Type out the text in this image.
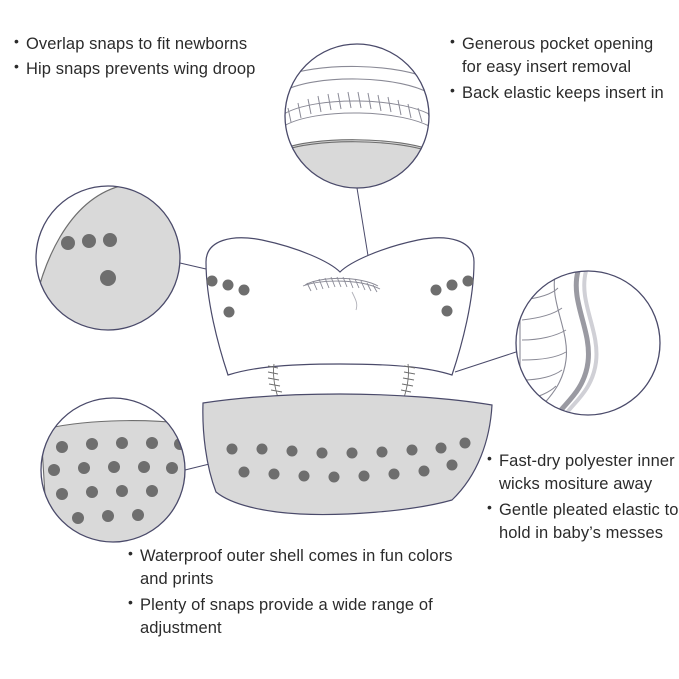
• Overlap snaps to fit newborns
• Hip snaps prevents wing droop
• Generous pocket opening for easy insert removal
• Back elastic keeps insert in
• Fast-dry polyester inner wicks mositure away
• Gentle pleated elastic to hold in baby’s messes
• Waterproof outer shell comes in fun colors and prints
• Plenty of snaps provide a wide range of adjustment
